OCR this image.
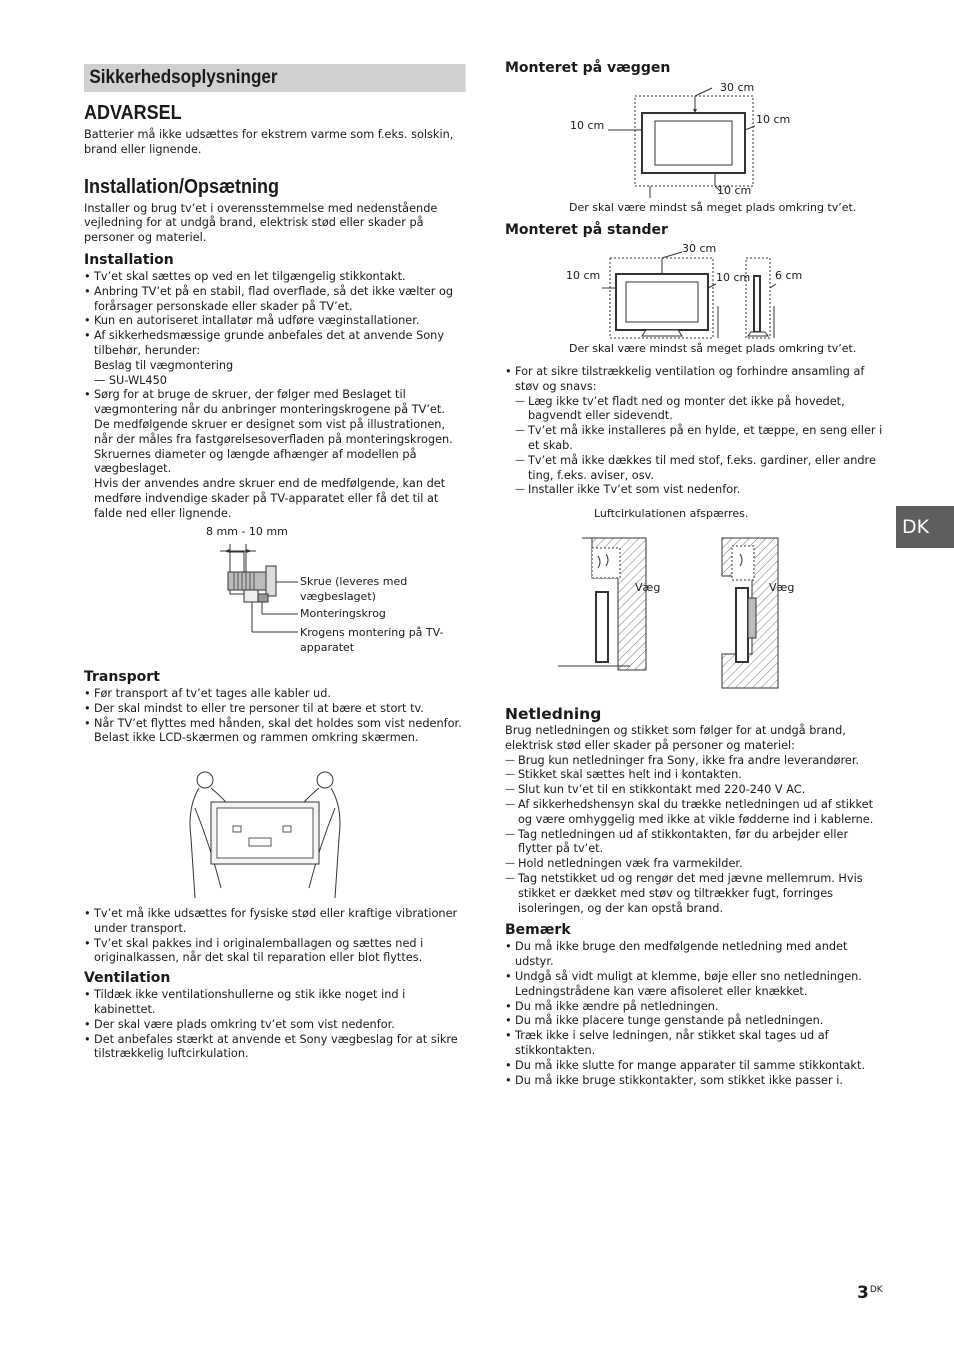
Sikkerhedsoplysninger
ADVARSEL

Batterier må ikke udsættes for ekstrem varme som f.eks. solskin, brand eller lignende.

Installation/Opsætning

Installer og brug tv’et i overensstemmelse med nedenstående vejledning for at undgå brand, elektrisk stød eller skader på personer og materiel.

Installation
• Tv’et skal sættes op ved en let tilgængelig stikkontakt.
• Anbring TV’et på en stabil, flad overflade, så det ikke vælter og forårsager personskade eller skader på TV’et.
• Kun en autoriseret intallatør må udføre væginstallationer.
• Af sikkerhedsmæssige grunde anbefales det at anvende Sony tilbehør, herunder:
Beslag til vægmontering
— SU-WL450
• Sørg for at bruge de skruer, der følger med Beslaget til vægmontering når du anbringer monteringskrogene på TV’et. De medfølgende skruer er designet som vist på illustrationen, når der måles fra fastgørelsesoverfladen på monteringskrogen. Skruernes diameter og længde afhænger af modellen på vægbeslaget.
Hvis der anvendes andre skruer end de medfølgende, kan det medføre indvendige skader på TV-apparatet eller få det til at falde ned eller lignende.
8 mm - 10 mm
Skrue (leveres med vægbeslaget)
Monteringskrog
Krogens montering på TV-apparatet
Transport
• Før transport af tv’et tages alle kabler ud.
• Der skal mindst to eller tre personer til at bære et stort tv.
• Når TV’et flyttes med hånden, skal det holdes som vist nedenfor. Belast ikke LCD-skærmen og rammen omkring skærmen.
• Tv’et må ikke udsættes for fysiske stød eller kraftige vibrationer under transport.
• Tv’et skal pakkes ind i originalemballagen og sættes ned i originalkassen, når det skal til reparation eller blot flyttes.
Ventilation
• Tildæk ikke ventilationshullerne og stik ikke noget ind i kabinettet.
• Der skal være plads omkring tv’et som vist nedenfor.
• Det anbefales stærkt at anvende et Sony vægbeslag for at sikre tilstrækkelig luftcirkulation.
Monteret på væggen
30 cm
10 cm	10 cm
10 cm
Der skal være mindst så meget plads omkring tv’et.
Monteret på stander
30 cm
10 cm	10 cm 6 cm
Der skal være mindst så meget plads omkring tv’et.
• For at sikre tilstrækkelig ventilation og forhindre ansamling af støv og snavs:
— Læg ikke tv’et fladt ned og monter det ikke på hovedet, bagvendt eller sidevendt.
— Tv’et må ikke installeres på en hylde, et tæppe, en seng eller i et skab.
— Tv’et må ikke dækkes til med stof, f.eks. gardiner, eller andre ting, f.eks. aviser, osv.
— Installer ikke Tv’et som vist nedenfor.
Luftcirkulationen afspærres.
Væg	Væg
Netledning

Brug netledningen og stikket som følger for at undgå brand, elektrisk stød eller skader på personer og materiel:

— Brug kun netledninger fra Sony, ikke fra andre leverandører.
— Stikket skal sættes helt ind i kontakten.
— Slut kun tv’et til en stikkontakt med 220-240 V AC.
— Af sikkerhedshensyn skal du trække netledningen ud af stikket og være omhyggelig med ikke at vikle fødderne ind i kablerne.
— Tag netledningen ud af stikkontakten, før du arbejder eller flytter på tv’et.
— Hold netledningen væk fra varmekilder.
— Tag netstikket ud og rengør det med jævne mellemrum. Hvis stikket er dækket med støv og tiltrækker fugt, forringes isoleringen, og der kan opstå brand.
Bemærk
• Du må ikke bruge den medfølgende netledning med andet udstyr.
• Undgå så vidt muligt at klemme, bøje eller sno netledningen. Ledningstrådene kan være afisoleret eller knækket.
• Du må ikke ændre på netledningen.
• Du må ikke placere tunge genstande på netledningen.
• Træk ikke i selve ledningen, når stikket skal tages ud af stikkontakten.
• Du må ikke slutte for mange apparater til samme stikkontakt.
• Du må ikke bruge stikkontakter, som stikket ikke passer i.
DK
$3^{DK}$
